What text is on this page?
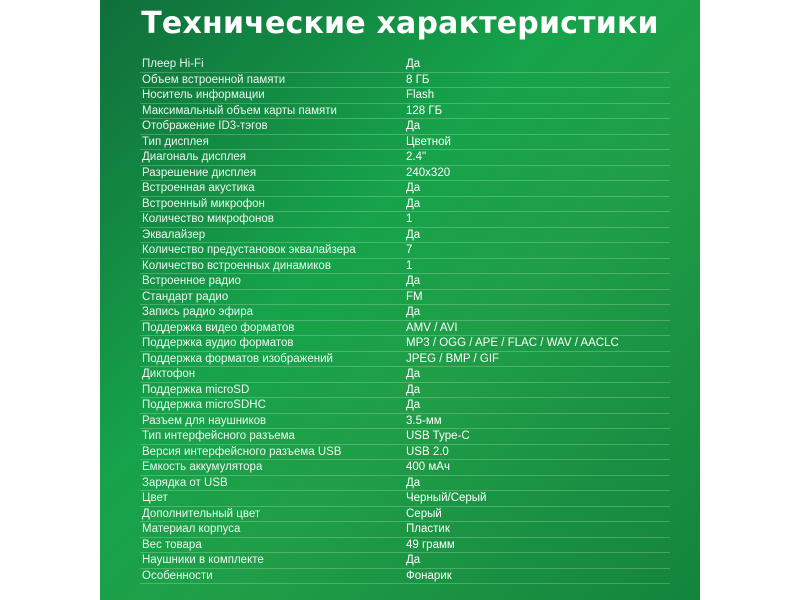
Технические характеристики
Плеер Hi-Fi	Да
Объем встроенной памяти	8 ГБ
Носитель информации	Flash
Максимальный объем карты памяти	128 ГБ
Отображение ID3-тэгов	Да
Тип дисплея	Цветной
Диагональ дисплея	2.4"
Разрешение дисплея	240x320
Встроенная акустика	Да
Встроенный микрофон	Да
Количество микрофонов	1
Эквалайзер	Да
Количество предустановок эквалайзера	7
Количество встроенных динамиков	1
Встроенное радио	Да
Стандарт радио	FM
Запись радио эфира	Да
Поддержка видео форматов	AMV / AVI
Поддержка аудио форматов	MP3 / OGG / APE / FLAC / WAV / AACLC
Поддержка форматов изображений	JPEG / BMP / GIF
Диктофон	Да
Поддержка microSD	Да
Поддержка microSDHC	Да
Разъем для наушников	3.5-мм
Тип интерфейсного разъема	USB Type-C
Версия интерфейсного разъема USB	USB 2.0
Емкость аккумулятора	400 мАч
Зарядка от USB	Да
Цвет	Черный/Серый
Дополнительный цвет	Серый
Материал корпуса	Пластик
Вес товара	49 грамм
Наушники в комплекте	Да
Особенности	Фонарик
